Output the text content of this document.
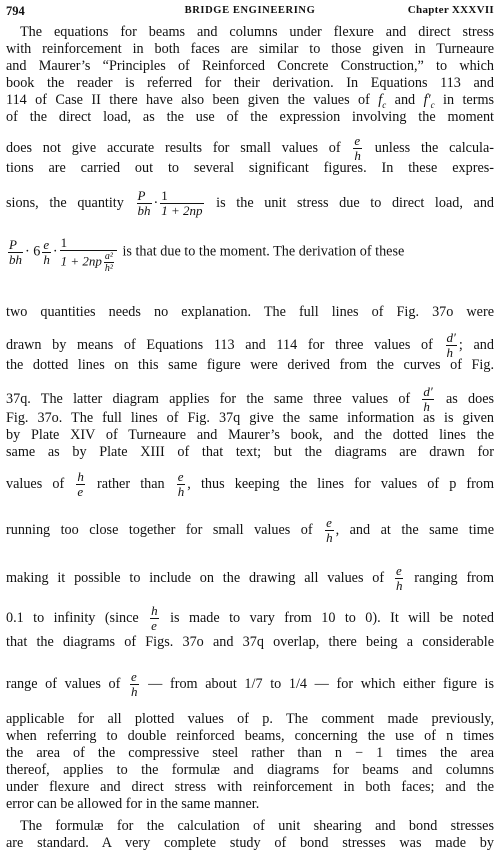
794	BRIDGE ENGINEERING	Chapter XXXVII
The equations for beams and columns under flexure and direct stress
with reinforcement in both faces are similar to those given in Turneaure
and Maurer’s “Principles of Reinforced Concrete Construction,” to which
book the reader is referred for their derivation. In Equations 113 and
114 of Case II there have also been given the values of $f_c$ and $f'_c$ in terms
of the direct load, as the use of the expression involving the moment
does not give accurate results for small values of $\frac{e}{h}$ unless the calcula-
tions are carried out to several significant figures. In these expres-
sions, the quantity $\frac{P}{bh} \cdot \frac{1}{1 + 2np}$ is the unit stress due to direct load, and
$\frac{P}{bh} \cdot 6 \frac{e}{h} \cdot \frac{1}{1 + 2np \frac{\text{a²}}{\text{h²}}}$ is that due to the moment. The derivation of these
two quantities needs no explanation. The full lines of Fig. 37o were
drawn by means of Equations 113 and 114 for three values of $\frac{d'}{h}$ ; and
the dotted lines on this same figure were derived from the curves of Fig.
37q. The latter diagram applies for the same three values of $\frac{d'}{h}$ as does
Fig. 37o. The full lines of Fig. 37q give the same information as is given
by Plate XIV of Turneaure and Maurer’s book, and the dotted lines the
same as by Plate XIII of that text; but the diagrams are drawn for
values of $\frac{h}{e}$ rather than $\frac{e}{h}$ , thus keeping the lines for values of p from
running too close together for small values of $\frac{e}{h}$ , and at the same time
making it possible to include on the drawing all values of $\frac{e}{h}$ ranging from
0.1 to infinity (since $\frac{h}{e}$ is made to vary from 10 to 0). It will be noted
that the diagrams of Figs. 37o and 37q overlap, there being a considerable
range of values of $\frac{e}{h}$ — from about 1/7 to 1/4 — for which either figure is
applicable for all plotted values of p. The comment made previously,
when referring to double reinforced beams, concerning the use of n times
the area of the compressive steel rather than n − 1 times the area
thereof, applies to the formulæ and diagrams for beams and columns
under flexure and direct stress with reinforcement in both faces; and the
error can be allowed for in the same manner.
The formulæ for the calculation of unit shearing and bond stresses
are standard. A very complete study of bond stresses was made by
